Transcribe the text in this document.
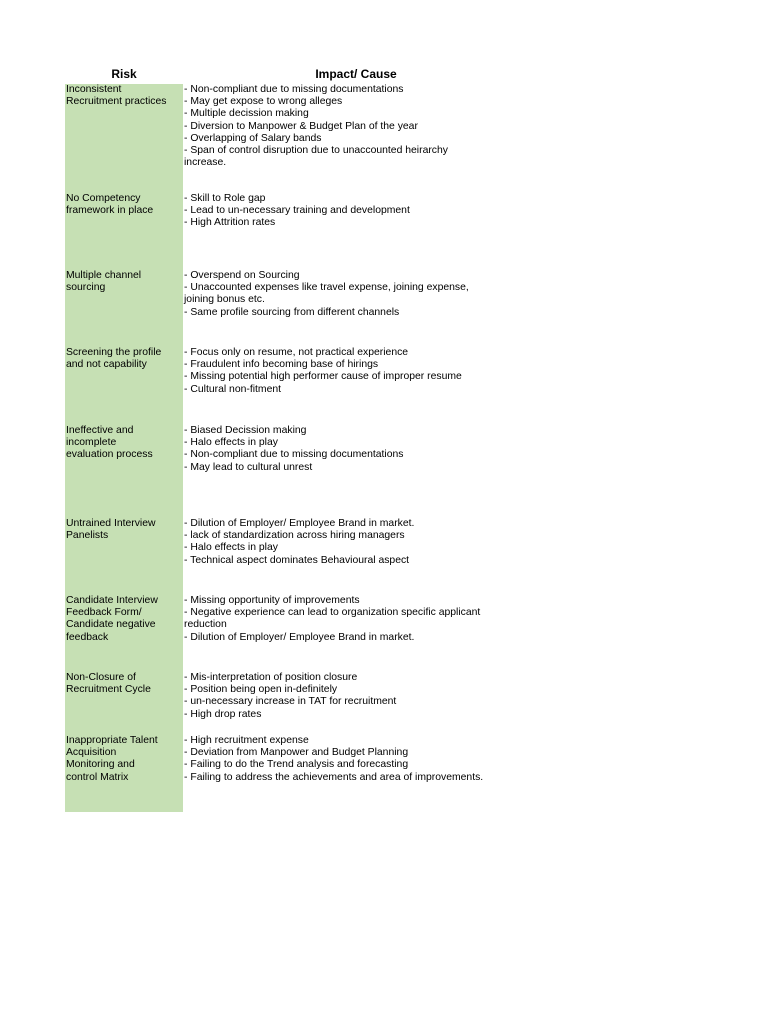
Risk	Impact/ Cause
Inconsistent
Recruitment practices
- Non-compliant due to missing documentations
- May get expose to wrong alleges
- Multiple decission making
- Diversion to Manpower & Budget Plan of the year
- Overlapping of Salary bands
- Span of control disruption due to unaccounted heirarchy
increase.
No Competency
framework in place
- Skill to Role gap
- Lead to un-necessary training and development
- High Attrition rates
Multiple channel
sourcing
- Overspend on Sourcing
- Unaccounted expenses like travel expense, joining expense,
joining bonus etc.
- Same profile sourcing from different channels
Screening the profile
and not capability
- Focus only on resume, not practical experience
- Fraudulent info becoming base of hirings
- Missing potential high performer cause of improper resume
- Cultural non-fitment
Ineffective and
incomplete
evaluation process
- Biased Decission making
- Halo effects in play
- Non-compliant due to missing documentations
- May lead to cultural unrest
Untrained Interview
Panelists
- Dilution of Employer/ Employee Brand in market.
- lack of standardization across hiring managers
- Halo effects in play
- Technical aspect dominates Behavioural aspect
Candidate Interview
Feedback Form/
Candidate negative
feedback
- Missing opportunity of improvements
- Negative experience can lead to organization specific applicant
reduction
- Dilution of Employer/ Employee Brand in market.
Non-Closure of
Recruitment Cycle
- Mis-interpretation of position closure
- Position being open in-definitely
- un-necessary increase in TAT for recruitment
- High drop rates
Inappropriate Talent
Acquisition
Monitoring and
control Matrix
- High recruitment expense
- Deviation from Manpower and Budget Planning
- Failing to do the Trend analysis and forecasting
- Failing to address the achievements and area of improvements.
